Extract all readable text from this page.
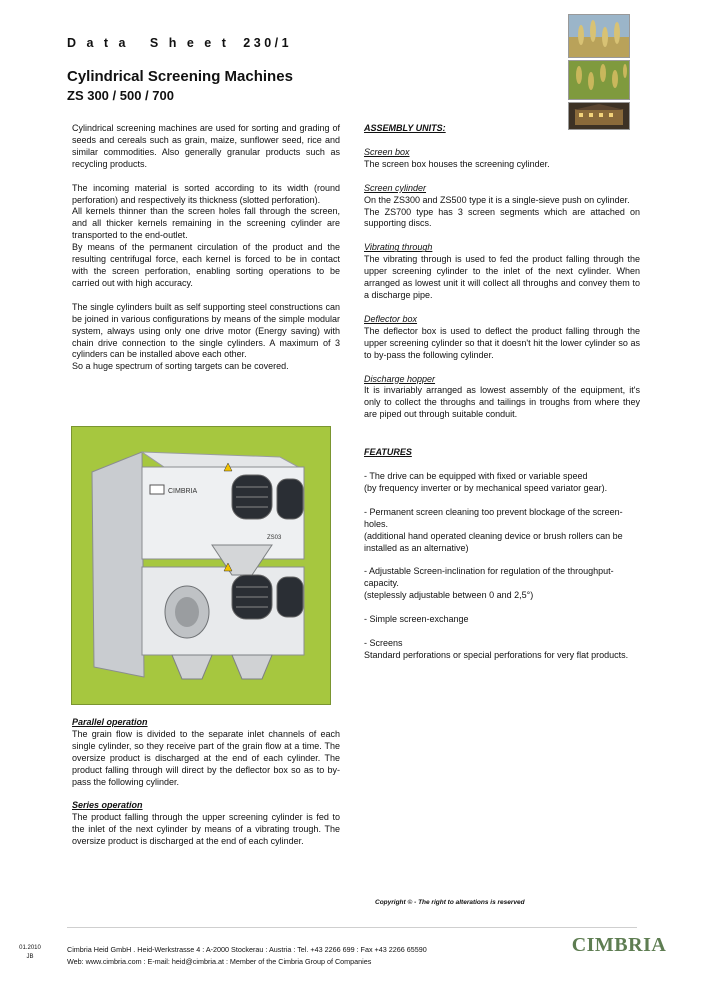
D a t a   S h e e t  230/1
Cylindrical Screening Machines
ZS 300 / 500 / 700

Cylindrical screening machines are used for sorting and grading of seeds and cereals such as grain, maize, sunflower seed, rice and similar commodities. Also generally granular products such as recycling products.

The incoming material is sorted according to its width (round perforation) and respectively its thickness (slotted perforation).

All kernels thinner than the screen holes fall through the screen, and all thicker kernels remaining in the screening cylinder are transported to the end-outlet.

By means of the permanent circulation of the product and the resulting centrifugal force, each kernel is forced to be in contact with the screen perforation, enabling sorting operations to be carried out with high accuracy.

The single cylinders built as self supporting steel constructions can be joined in various configurations by means of the simple modular system, always using only one drive motor (Energy saving) with chain drive connection to the single cylinders. A maximum of 3 cylinders can be installed above each other.

So a huge spectrum of sorting targets can be covered.

CIMBRIA
ZS03
Parallel operation

The grain flow is divided to the separate inlet channels of each single cylinder, so they receive part of the grain flow at a time. The oversize product is discharged at the end of each cylinder. The product falling through will direct by the deflector box so as to by-pass the following cylinder.

Series operation

The product falling through the upper screening cylinder is fed to the inlet of the next cylinder by means of a vibrating trough. The oversize product is discharged at the end of each cylinder.

ASSEMBLY UNITS:
Screen box

The screen box houses the screening cylinder.

Screen cylinder

On the ZS300 and ZS500 type it is a single-sieve push on cylinder.

The ZS700 type has 3 screen segments which are attached on supporting discs.

Vibrating through

The vibrating through is used to fed the product falling through the upper screening cylinder to the inlet of the next cylinder. When arranged as lowest unit it will collect all throughs and convey them to a discharge pipe.

Deflector box

The deflector box is used to deflect the product falling through the upper screening cylinder so that it doesn't hit the lower cylinder so as to by-pass the following cylinder.

Discharge hopper

It is invariably arranged as lowest assembly of the equipment, it's only to collect the throughs and tailings in troughs from where they are piped out through suitable conduit.

FEATURES

- The drive can be equipped with fixed or variable speed

(by frequency inverter or by mechanical speed variator gear).

- Permanent screen cleaning too prevent blockage of the screen-holes.

(additional hand operated cleaning device or brush rollers can be installed as an alternative)

- Adjustable Screen-inclination for regulation of the throughput-capacity.

(steplessly adjustable between 0 and 2,5°)

- Simple screen-exchange

- Screens

Standard perforations or special perforations for very flat products.

Copyright © - The right to alterations is reserved
01.2010
JB
Cimbria Heid GmbH . Heid-Werkstrasse 4 : A-2000 Stockerau : Austria : Tel. +43 2266 699 : Fax +43 2266 65590
Web: www.cimbria.com : E-mail: heid@cimbria.at : Member of the Cimbria Group of Companies
CIMBRIA
